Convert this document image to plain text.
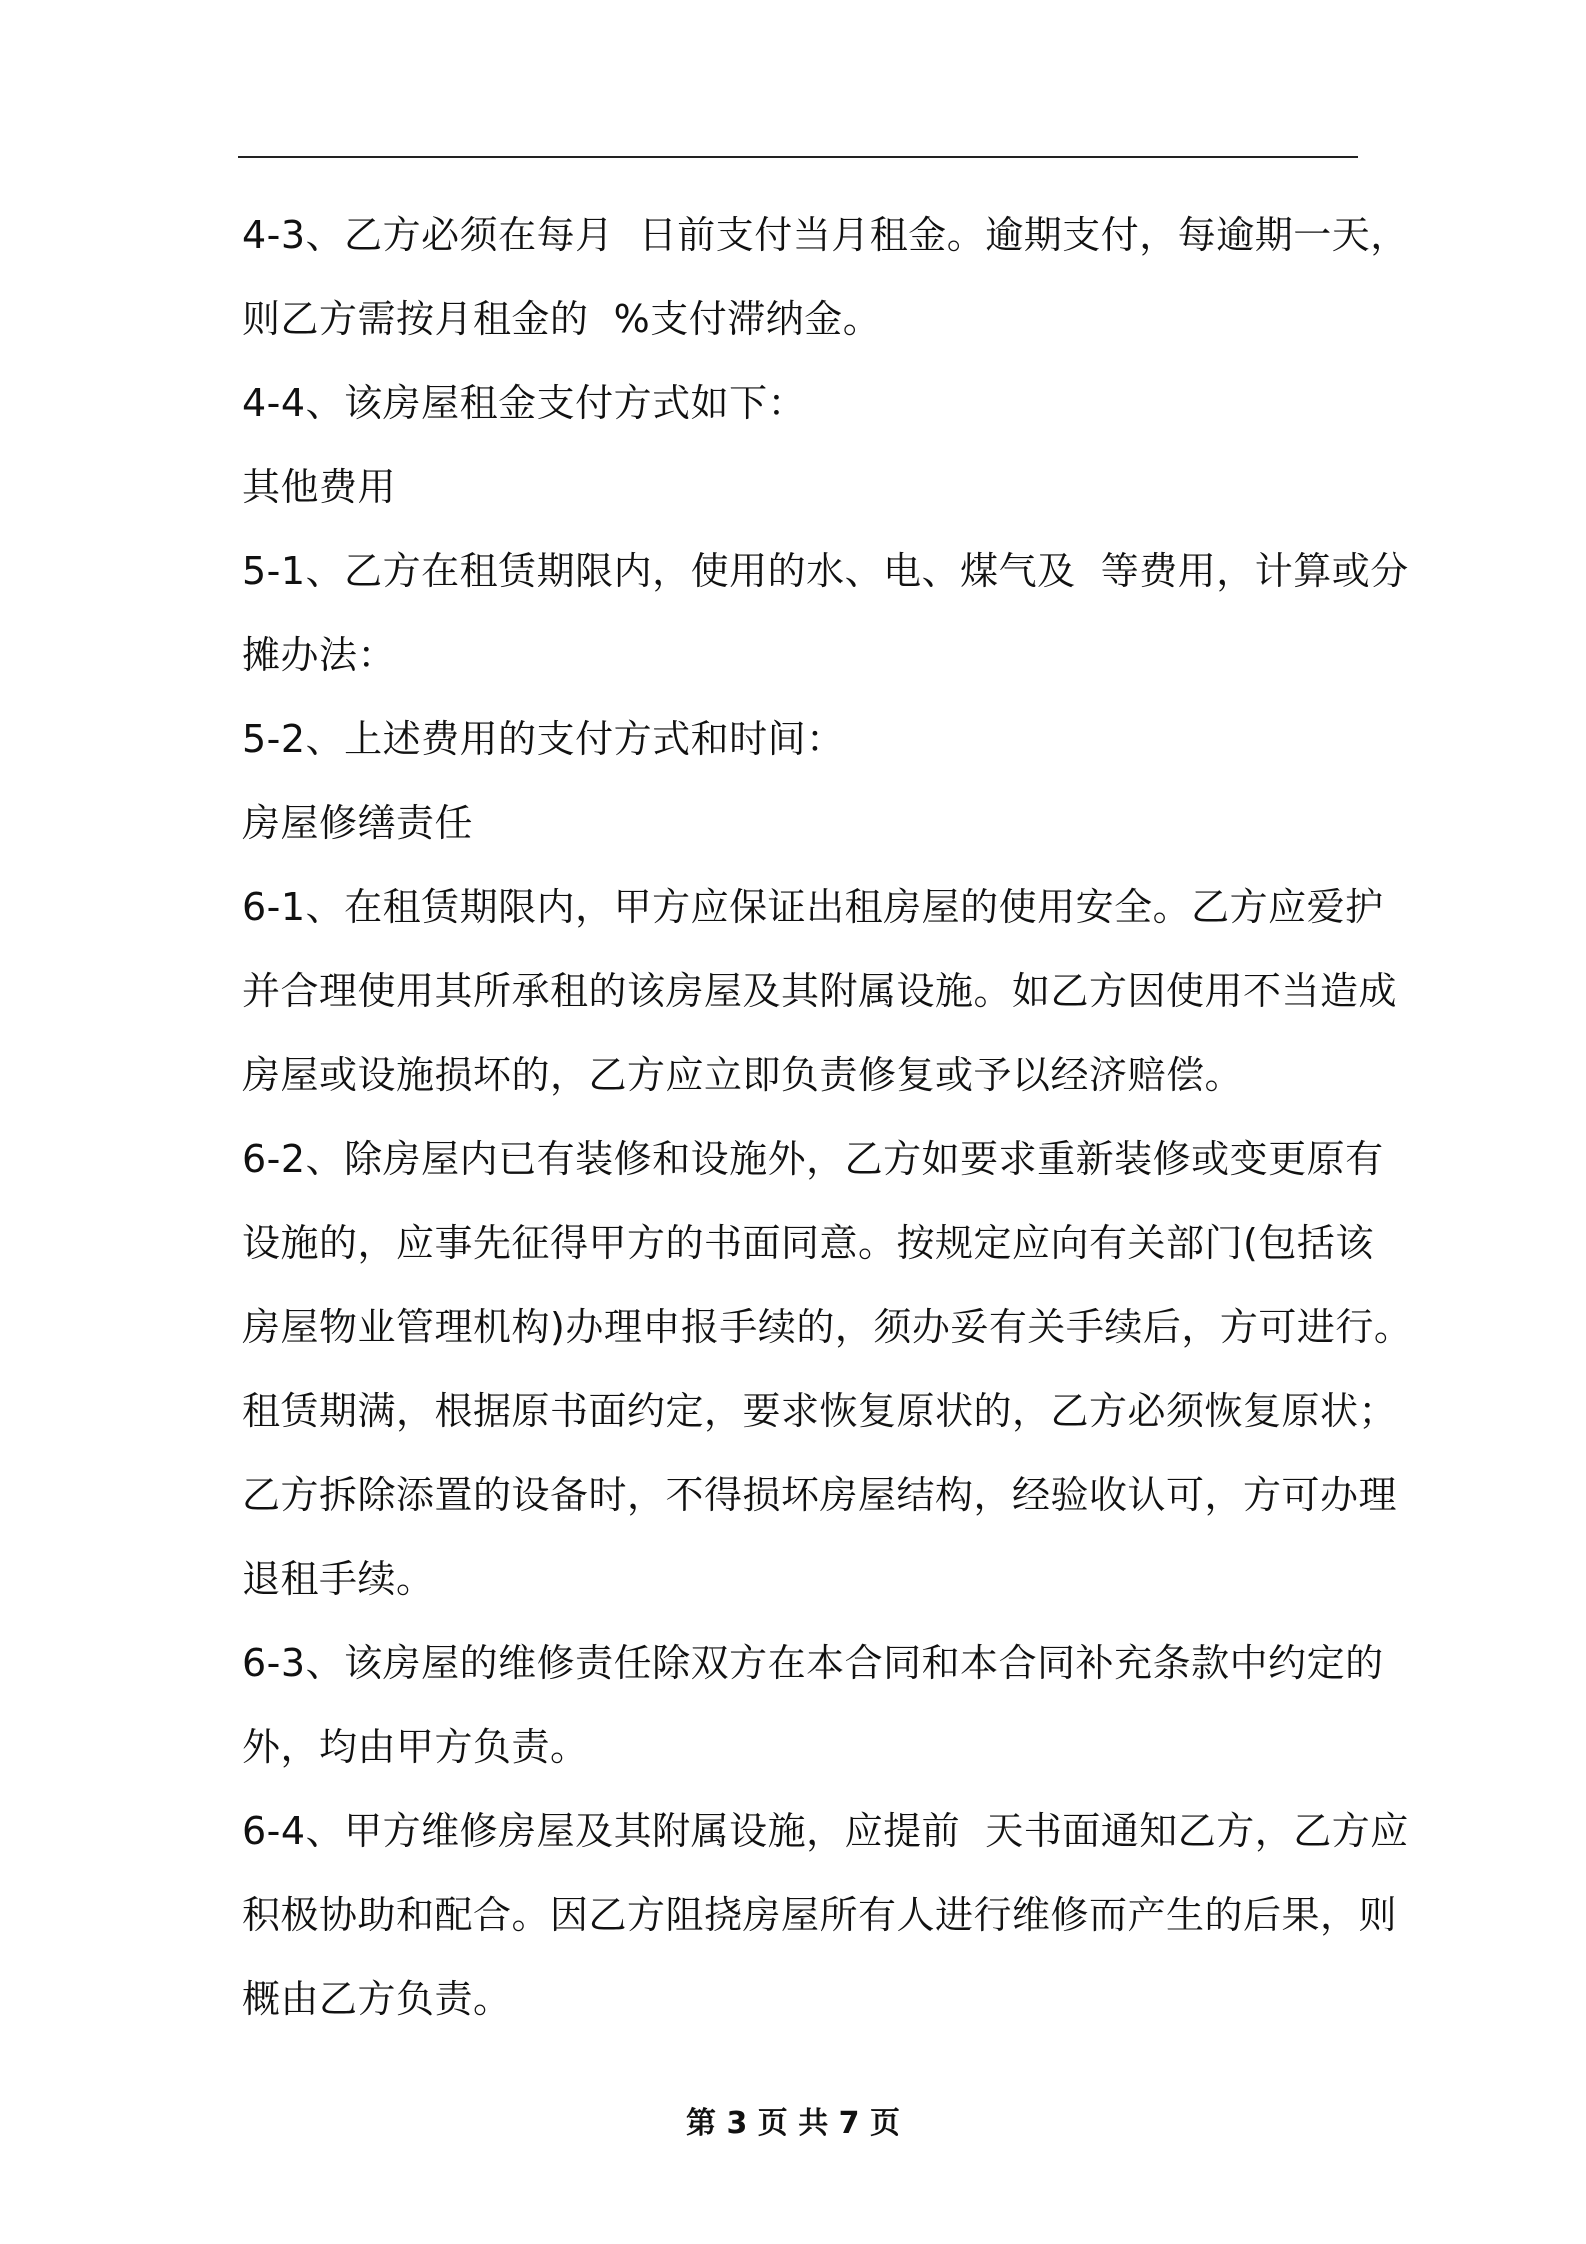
4-3、乙方必须在每月  日前支付当月租金。逾期支付，每逾期一天，
则乙方需按月租金的  %支付滞纳金。
4-4、该房屋租金支付方式如下：
其他费用
5-1、乙方在租赁期限内，使用的水、电、煤气及  等费用，计算或分
摊办法：
5-2、上述费用的支付方式和时间：
房屋修缮责任
6-1、在租赁期限内，甲方应保证出租房屋的使用安全。乙方应爱护
并合理使用其所承租的该房屋及其附属设施。如乙方因使用不当造成
房屋或设施损坏的，乙方应立即负责修复或予以经济赔偿。
6-2、除房屋内已有装修和设施外，乙方如要求重新装修或变更原有
设施的，应事先征得甲方的书面同意。按规定应向有关部门(包括该
房屋物业管理机构)办理申报手续的，须办妥有关手续后，方可进行。
租赁期满，根据原书面约定，要求恢复原状的，乙方必须恢复原状；
乙方拆除添置的设备时，不得损坏房屋结构，经验收认可，方可办理
退租手续。
6-3、该房屋的维修责任除双方在本合同和本合同补充条款中约定的
外，均由甲方负责。
6-4、甲方维修房屋及其附属设施，应提前  天书面通知乙方，乙方应
积极协助和配合。因乙方阻挠房屋所有人进行维修而产生的后果，则
概由乙方负责。
第 3 页 共 7 页
